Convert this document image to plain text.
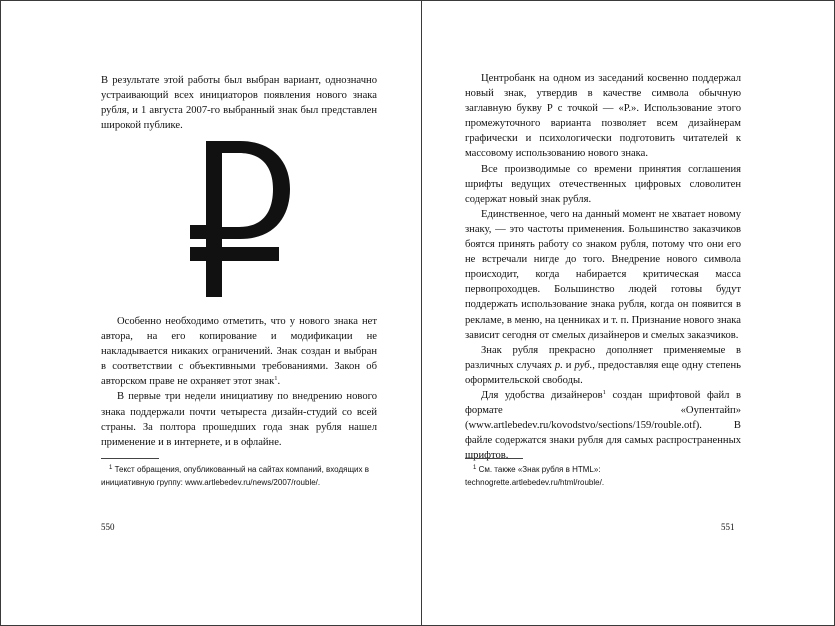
В результате этой работы был выбран вариант, однозначно устраивающий всех инициаторов появления нового знака рубля, и 1 августа 2007-го выбранный знак был представлен широкой публике.

Особенно необходимо отметить, что у нового знака нет автора, на его копирование и модификации не накладывается никаких ограничений. Знак создан и выбран в соответствии с объективными требованиями. Закон об авторском праве не охраняет этот знак$^1$.

В первые три недели инициативу по внедрению нового знака поддержали почти четыреста дизайн-студий со всей страны. За полтора прошедших года знак рубля нашел применение и в интернете, и в офлайне.

$^1$ Текст обращения, опубликованный на сайтах компаний, входящих в инициативную группу: www.artlebedev.ru/news/2007/rouble/.
550

Центробанк на одном из заседаний косвенно поддержал новый знак, утвердив в качестве символа обычную заглавную букву Р с точкой — «Р.». Использование этого промежуточного варианта позволяет всем дизайнерам графически и психологически подготовить читателей к массовому использованию нового знака.

Все производимые со времени принятия соглашения шрифты ведущих отечественных цифровых словолитен содержат новый знак рубля.

Единственное, чего на данный момент не хватает новому знаку, — это частоты применения. Большинство заказчиков боятся принять работу со знаком рубля, потому что они его не встречали нигде до того. Внедрение нового символа происходит, когда набирается критическая масса первопроходцев. Большинство людей готовы будут поддержать использование знака рубля, когда он появится в рекламе, в меню, на ценниках и т. п. Признание нового знака зависит сегодня от смелых дизайнеров и смелых заказчиков.

Знак рубля прекрасно дополняет применяемые в различных случаях р. и руб., предоставляя еще одну степень оформительской свободы.

Для удобства дизайнеров$^1$ создан шрифтовой файл в формате «Оупентайп» (www.artlebedev.ru/kovodstvo/sections/159/rouble.otf). В файле содержатся знаки рубля для самых распространенных шрифтов.

$^1$ См. также «Знак рубля в HTML»: technogrette.artlebedev.ru/html/rouble/.
551
